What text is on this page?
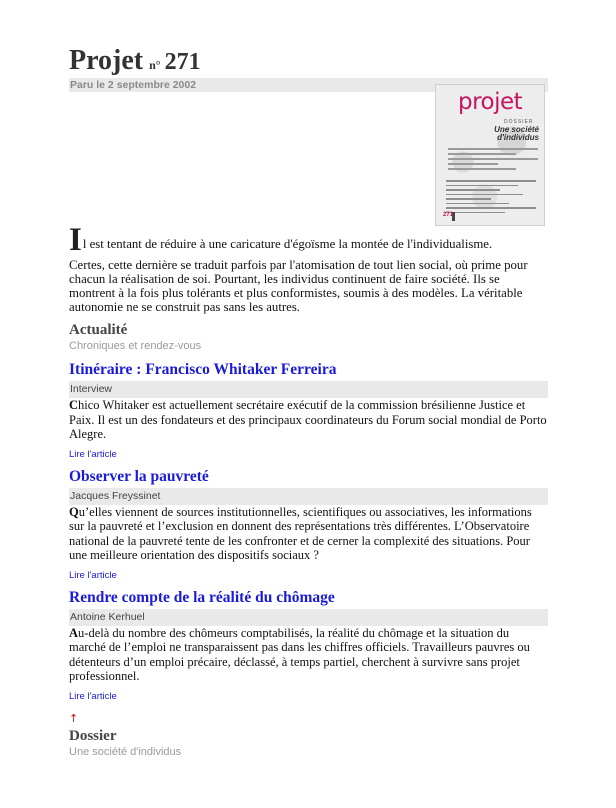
Projet n° 271
Paru le 2 septembre 2002
projet
DOSSIER
Une société d'individus
271

Il est tentant de réduire à une caricature d'égoïsme la montée de l'individualisme.

Certes, cette dernière se traduit parfois par l'atomisation de tout lien social, où prime pour chacun la réalisation de soi. Pourtant, les individus continuent de faire société. Ils se montrent à la fois plus tolérants et plus conformistes, soumis à des modèles. La véritable autonomie ne se construit pas sans les autres.

Actualité

Chroniques et rendez-vous

Itinéraire : Francisco Whitaker Ferreira
Interview

Chico Whitaker est actuellement secrétaire exécutif de la commission brésilienne Justice et Paix. Il est un des fondateurs et des principaux coordinateurs du Forum social mondial de Porto Alegre.

Lire l'article
Observer la pauvreté
Jacques Freyssinet

Qu’elles viennent de sources institutionnelles, scientifiques ou associatives, les informations sur la pauvreté et l’exclusion en donnent des représentations très différentes. L’Observatoire national de la pauvreté tente de les confronter et de cerner la complexité des situations. Pour une meilleure orientation des dispositifs sociaux ?

Lire l'article
Rendre compte de la réalité du chômage
Antoine Kerhuel

Au-delà du nombre des chômeurs comptabilisés, la réalité du chômage et la situation du marché de l’emploi ne transparaissent pas dans les chiffres officiels. Travailleurs pauvres ou détenteurs d’un emploi précaire, déclassé, à temps partiel, cherchent à survivre sans projet professionnel.

Lire l'article
↑
Dossier

Une société d'individus
